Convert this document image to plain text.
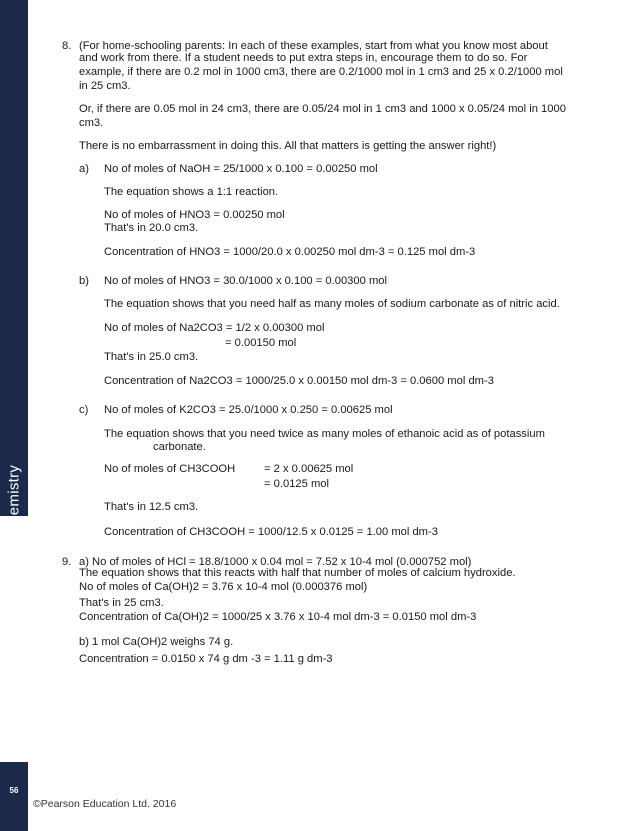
Chemistry
56
©Pearson Education Ltd. 2016
8. (For home-schooling parents: In each of these examples, start from what you know most about
and work from there. If a student needs to put extra steps in, encourage them to do so. For
example, if there are 0.2 mol in 1000 cm3, there are 0.2/1000 mol in 1 cm3 and 25 x 0.2/1000 mol
in 25 cm3.
Or, if there are 0.05 mol in 24 cm3, there are 0.05/24 mol in 1 cm3 and 1000 x 0.05/24 mol in 1000
cm3.
There is no embarrassment in doing this. All that matters is getting the answer right!)
a) No of moles of NaOH = 25/1000 x 0.100 = 0.00250 mol
The equation shows a 1:1 reaction.
No of moles of HNO3 = 0.00250 mol
That's in 20.0 cm3.
Concentration of HNO3 = 1000/20.0 x 0.00250 mol dm-3 = 0.125 mol dm-3
b) No of moles of HNO3 = 30.0/1000 x 0.100 = 0.00300 mol
The equation shows that you need half as many moles of sodium carbonate as of nitric acid.
No of moles of Na2CO3 = 1/2 x 0.00300 mol
= 0.00150 mol
That's in 25.0 cm3.
Concentration of Na2CO3 = 1000/25.0 x 0.00150 mol dm-3 = 0.0600 mol dm-3
c) No of moles of K2CO3 = 25.0/1000 x 0.250 = 0.00625 mol
The equation shows that you need twice as many moles of ethanoic acid as of potassium
carbonate.
No of moles of CH3COOH	= 2 x 0.00625 mol
= 0.0125 mol
That's in 12.5 cm3.
Concentration of CH3COOH = 1000/12.5 x 0.0125 = 1.00 mol dm-3
9. a) No of moles of HCl = 18.8/1000 x 0.04 mol = 7.52 x 10-4 mol (0.000752 mol)
The equation shows that this reacts with half that number of moles of calcium hydroxide.
No of moles of Ca(OH)2 = 3.76 x 10-4 mol (0.000376 mol)
That's in 25 cm3.
Concentration of Ca(OH)2 = 1000/25 x 3.76 x 10-4 mol dm-3 = 0.0150 mol dm-3
b) 1 mol Ca(OH)2 weighs 74 g.
Concentration = 0.0150 x 74 g dm -3 = 1.11 g dm-3
